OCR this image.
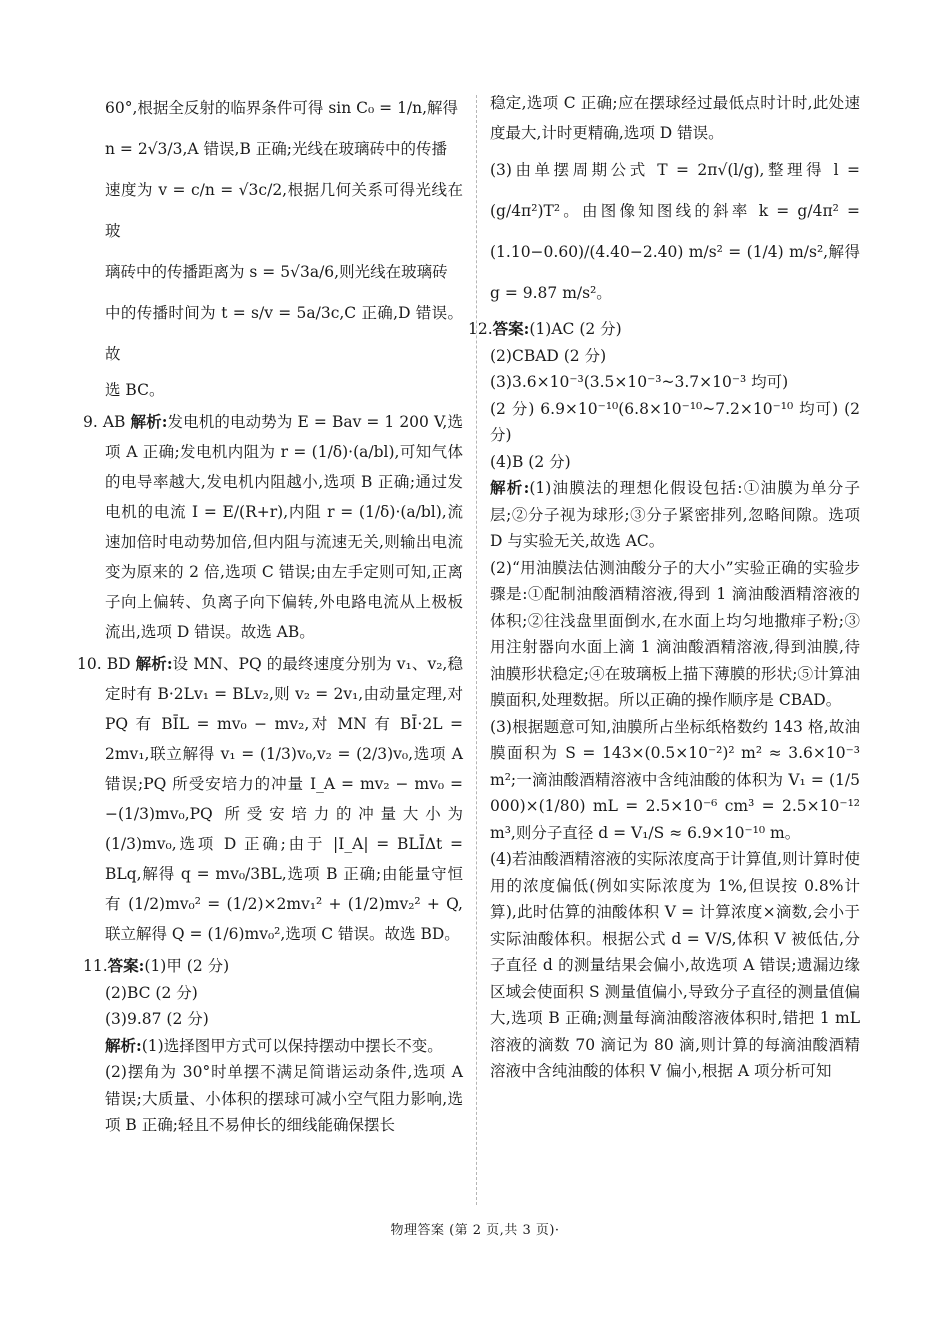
60°,根据全反射的临界条件可得 sin C₀ = 1/n,解得

n = 2√3/3,A 错误,B 正确;光线在玻璃砖中的传播

速度为 v = c/n = √3c/2,根据几何关系可得光线在玻

璃砖中的传播距离为 s = 5√3a/6,则光线在玻璃砖

中的传播时间为 t = s/v = 5a/3c,C 正确,D 错误。故

选 BC。

9. AB 解析:发电机的电动势为 E = Bav = 1 200 V,选项 A 正确;发电机内阻为 r = (1/δ)·(a/bl),可知气体的电导率越大,发电机内阻越小,选项 B 正确;通过发电机的电流 I = E/(R+r),内阻 r = (1/δ)·(a/bl),流速加倍时电动势加倍,但内阻与流速无关,则输出电流变为原来的 2 倍,选项 C 错误;由左手定则可知,正离子向上偏转、负离子向下偏转,外电路电流从上极板流出,选项 D 错误。故选 AB。

10. BD 解析:设 MN、PQ 的最终速度分别为 v₁、v₂,稳定时有 B·2Lv₁ = BLv₂,则 v₂ = 2v₁,由动量定理,对 PQ 有 BĪL = mv₀ − mv₂,对 MN 有 BĪ·2L = 2mv₁,联立解得 v₁ = (1/3)v₀,v₂ = (2/3)v₀,选项 A 错误;PQ 所受安培力的冲量 I_A = mv₂ − mv₀ = −(1/3)mv₀,PQ 所受安培力的冲量大小为 (1/3)mv₀,选项 D 正确;由于 |I_A| = BLĪΔt = BLq,解得 q = mv₀/3BL,选项 B 正确;由能量守恒有 (1/2)mv₀² = (1/2)×2mv₁² + (1/2)mv₂² + Q,联立解得 Q = (1/6)mv₀²,选项 C 错误。故选 BD。

11.答案:(1)甲 (2 分)

(2)BC (2 分)

(3)9.87 (2 分)

解析:(1)选择图甲方式可以保持摆动中摆长不变。

(2)摆角为 30°时单摆不满足简谐运动条件,选项 A 错误;大质量、小体积的摆球可减小空气阻力影响,选项 B 正确;轻且不易伸长的细线能确保摆长

稳定,选项 C 正确;应在摆球经过最低点时计时,此处速度最大,计时更精确,选项 D 错误。

(3)由单摆周期公式 T = 2π√(l/g),整理得 l = (g/4π²)T²。由图像知图线的斜率 k = g/4π² = (1.10−0.60)/(4.40−2.40) m/s² = (1/4) m/s²,解得 g = 9.87 m/s²。

12.答案:(1)AC (2 分)

(2)CBAD (2 分)

(3)3.6×10⁻³(3.5×10⁻³~3.7×10⁻³ 均可)

(2 分) 6.9×10⁻¹⁰(6.8×10⁻¹⁰~7.2×10⁻¹⁰ 均可) (2 分)

(4)B (2 分)

解析:(1)油膜法的理想化假设包括:①油膜为单分子层;②分子视为球形;③分子紧密排列,忽略间隙。选项 D 与实验无关,故选 AC。

(2)“用油膜法估测油酸分子的大小”实验正确的实验步骤是:①配制油酸酒精溶液,得到 1 滴油酸酒精溶液的体积;②往浅盘里面倒水,在水面上均匀地撒痱子粉;③用注射器向水面上滴 1 滴油酸酒精溶液,得到油膜,待油膜形状稳定;④在玻璃板上描下薄膜的形状;⑤计算油膜面积,处理数据。所以正确的操作顺序是 CBAD。

(3)根据题意可知,油膜所占坐标纸格数约 143 格,故油膜面积为 S = 143×(0.5×10⁻²)² m² ≈ 3.6×10⁻³ m²;一滴油酸酒精溶液中含纯油酸的体积为 V₁ = (1/5 000)×(1/80) mL = 2.5×10⁻⁶ cm³ = 2.5×10⁻¹² m³,则分子直径 d = V₁/S ≈ 6.9×10⁻¹⁰ m。

(4)若油酸酒精溶液的实际浓度高于计算值,则计算时使用的浓度偏低(例如实际浓度为 1%,但误按 0.8%计算),此时估算的油酸体积 V = 计算浓度×滴数,会小于实际油酸体积。根据公式 d = V/S,体积 V 被低估,分子直径 d 的测量结果会偏小,故选项 A 错误;遗漏边缘区域会使面积 S 测量值偏小,导致分子直径的测量值偏大,选项 B 正确;测量每滴油酸溶液体积时,错把 1 mL 溶液的滴数 70 滴记为 80 滴,则计算的每滴油酸酒精溶液中含纯油酸的体积 V 偏小,根据 A 项分析可知

物理答案 (第 2 页,共 3 页)·
